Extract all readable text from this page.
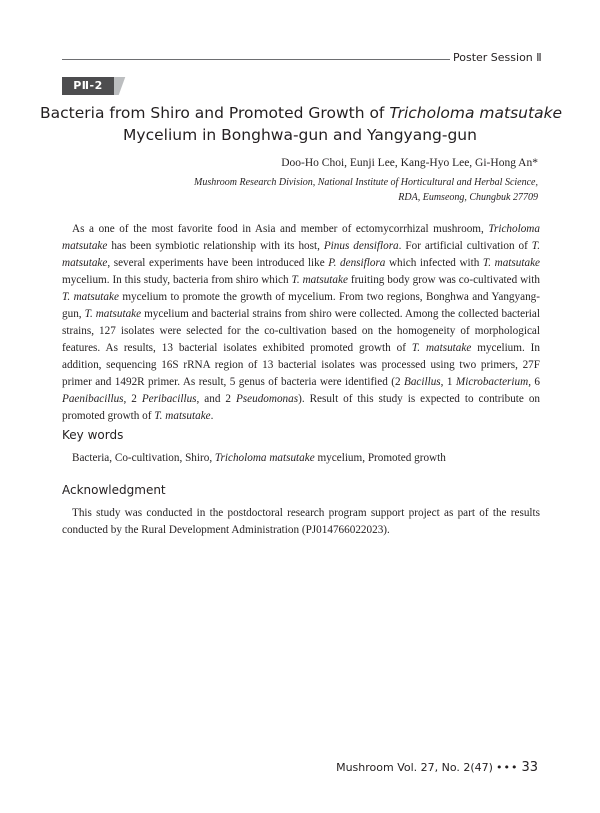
Poster Session Ⅱ
PⅡ-2
Bacteria from Shiro and Promoted Growth of Tricholoma matsutake
Mycelium in Bonghwa-gun and Yangyang-gun
Doo-Ho Choi, Eunji Lee, Kang-Hyo Lee, Gi-Hong An*
Mushroom Research Division, National Institute of Horticultural and Herbal Science,
RDA, Eumseong, Chungbuk 27709

As a one of the most favorite food in Asia and member of ectomycorrhizal mushroom, Tricholoma matsutake has been symbiotic relationship with its host, Pinus densiflora. For artificial cultivation of T. matsutake, several experiments have been introduced like P. densiflora which infected with T. matsutake mycelium. In this study, bacteria from shiro which T. matsutake fruiting body grow was co-cultivated with T. matsutake mycelium to promote the growth of mycelium. From two regions, Bonghwa and Yangyang-gun, T. matsutake mycelium and bacterial strains from shiro were collected. Among the collected bacterial strains, 127 isolates were selected for the co-cultivation based on the homogeneity of morphological features. As results, 13 bacterial isolates exhibited promoted growth of T. matsutake mycelium. In addition, sequencing 16S rRNA region of 13 bacterial isolates was processed using two primers, 27F primer and 1492R primer. As result, 5 genus of bacteria were identified (2 Bacillus, 1 Microbacterium, 6 Paenibacillus, 2 Peribacillus, and 2 Pseudomonas). Result of this study is expected to contribute on promoted growth of T. matsutake.

Key words
Bacteria, Co-cultivation, Shiro, Tricholoma matsutake mycelium, Promoted growth
Acknowledgment

This study was conducted in the postdoctoral research program support project as part of the results conducted by the Rural Development Administration (PJ014766022023).

Mushroom Vol. 27, No. 2(47) ••• 33
